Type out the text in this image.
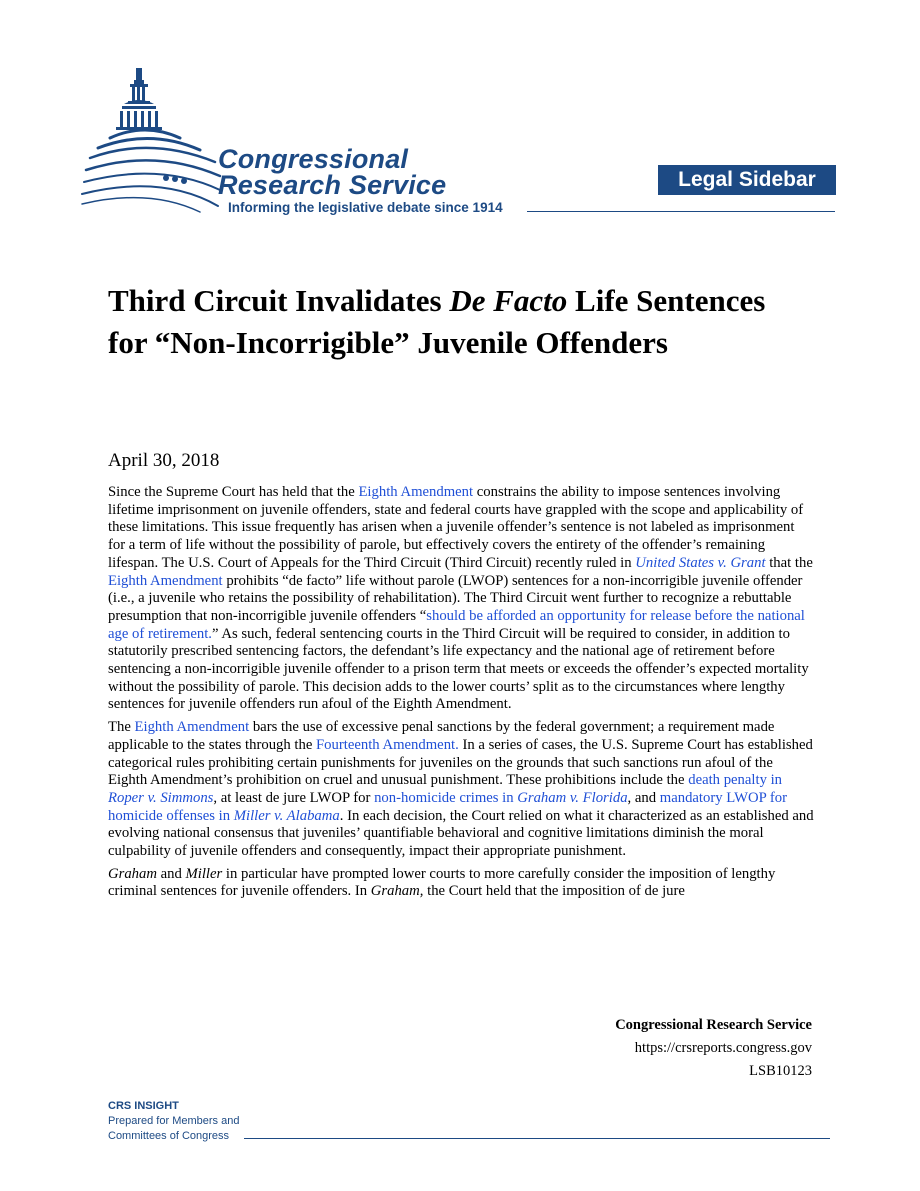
Congressional
Research Service
Informing the legislative debate since 1914
Legal Sidebar
Third Circuit Invalidates De Facto Life Sentences for “Non-Incorrigible” Juvenile Offenders
April 30, 2018

Since the Supreme Court has held that the Eighth Amendment constrains the ability to impose sentences involving lifetime imprisonment on juvenile offenders, state and federal courts have grappled with the scope and applicability of these limitations. This issue frequently has arisen when a juvenile offender’s sentence is not labeled as imprisonment for a term of life without the possibility of parole, but effectively covers the entirety of the offender’s remaining lifespan. The U.S. Court of Appeals for the Third Circuit (Third Circuit) recently ruled in United States v. Grant that the Eighth Amendment prohibits “de facto” life without parole (LWOP) sentences for a non-incorrigible juvenile offender (i.e., a juvenile who retains the possibility of rehabilitation). The Third Circuit went further to recognize a rebuttable presumption that non-incorrigible juvenile offenders “should be afforded an opportunity for release before the national age of retirement.” As such, federal sentencing courts in the Third Circuit will be required to consider, in addition to statutorily prescribed sentencing factors, the defendant’s life expectancy and the national age of retirement before sentencing a non-incorrigible juvenile offender to a prison term that meets or exceeds the offender’s expected mortality without the possibility of parole. This decision adds to the lower courts’ split as to the circumstances where lengthy sentences for juvenile offenders run afoul of the Eighth Amendment.

The Eighth Amendment bars the use of excessive penal sanctions by the federal government; a requirement made applicable to the states through the Fourteenth Amendment. In a series of cases, the U.S. Supreme Court has established categorical rules prohibiting certain punishments for juveniles on the grounds that such sanctions run afoul of the Eighth Amendment’s prohibition on cruel and unusual punishment. These prohibitions include the death penalty in Roper v. Simmons, at least de jure LWOP for non-homicide crimes in Graham v. Florida, and mandatory LWOP for homicide offenses in Miller v. Alabama. In each decision, the Court relied on what it characterized as an established and evolving national consensus that juveniles’ quantifiable behavioral and cognitive limitations diminish the moral culpability of juvenile offenders and consequently, impact their appropriate punishment.

Graham and Miller in particular have prompted lower courts to more carefully consider the imposition of lengthy criminal sentences for juvenile offenders. In Graham, the Court held that the imposition of de jure

Congressional Research Service
https://crsreports.congress.gov
LSB10123
CRS INSIGHT
Prepared for Members and
Committees of Congress
